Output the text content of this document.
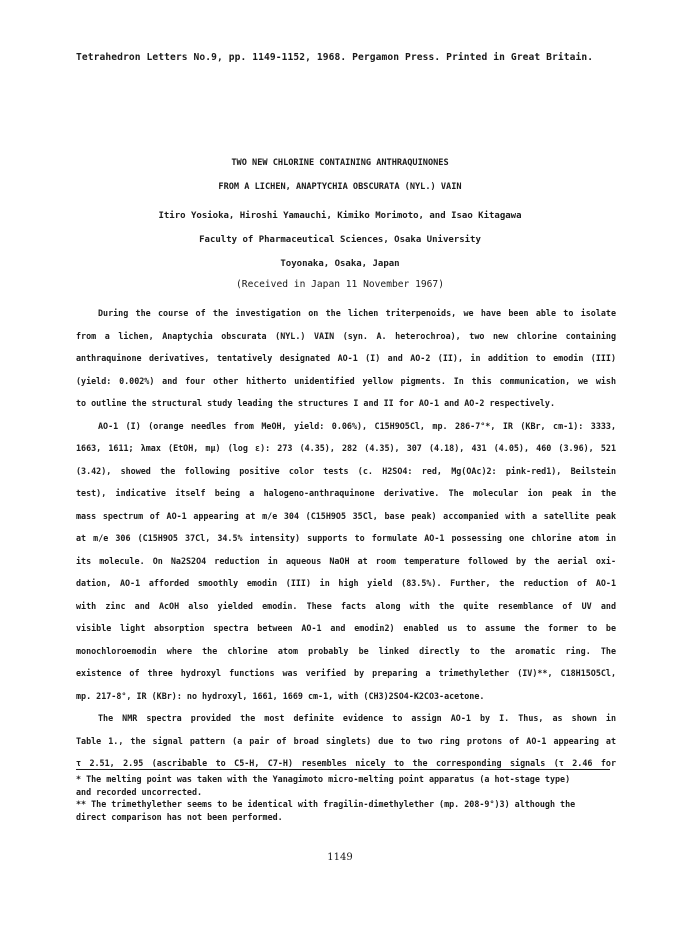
Tetrahedron Letters No.9, pp. 1149-1152, 1968. Pergamon Press. Printed in Great Britain.
TWO NEW CHLORINE CONTAINING ANTHRAQUINONES
FROM A LICHEN, ANAPTYCHIA OBSCURATA (NYL.) VAIN
Itiro Yosioka, Hiroshi Yamauchi, Kimiko Morimoto, and Isao Kitagawa
Faculty of Pharmaceutical Sciences, Osaka University
Toyonaka, Osaka, Japan
(Received in Japan 11 November 1967)
During the course of the investigation on the lichen triterpenoids, we have been able to isolate
from a lichen, Anaptychia obscurata (NYL.) VAIN (syn. A. heterochroa), two new chlorine containing
anthraquinone derivatives, tentatively designated AO-1 (I) and AO-2 (II), in addition to emodin (III)
(yield: 0.002%) and four other hitherto unidentified yellow pigments. In this communication, we wish
to outline the structural study leading the structures I and II for AO-1 and AO-2 respectively.
AO-1 (I) (orange needles from MeOH, yield: 0.06%), C15H9O5Cl, mp. 286-7°*, IR (KBr, cm-1): 3333,
1663, 1611; λmax (EtOH, mμ) (log ε): 273 (4.35), 282 (4.35), 307 (4.18), 431 (4.05), 460 (3.96), 521
(3.42), showed the following positive color tests (c. H2SO4: red, Mg(OAc)2: pink-red1), Beilstein
test), indicative itself being a halogeno-anthraquinone derivative. The molecular ion peak in the
mass spectrum of AO-1 appearing at m/e 304 (C15H9O5 35Cl, base peak) accompanied with a satellite peak
at m/e 306 (C15H9O5 37Cl, 34.5% intensity) supports to formulate AO-1 possessing one chlorine atom in
its molecule. On Na2S2O4 reduction in aqueous NaOH at room temperature followed by the aerial oxi-
dation, AO-1 afforded smoothly emodin (III) in high yield (83.5%). Further, the reduction of AO-1
with zinc and AcOH also yielded emodin. These facts along with the quite resemblance of UV and
visible light absorption spectra between AO-1 and emodin2) enabled us to assume the former to be
monochloroemodin where the chlorine atom probably be linked directly to the aromatic ring. The
existence of three hydroxyl functions was verified by preparing a trimethylether (IV)**, C18H15O5Cl,
mp. 217-8°, IR (KBr): no hydroxyl, 1661, 1669 cm-1, with (CH3)2SO4-K2CO3-acetone.
The NMR spectra provided the most definite evidence to assign AO-1 by I. Thus, as shown in
Table 1., the signal pattern (a pair of broad singlets) due to two ring protons of AO-1 appearing at
τ 2.51, 2.95 (ascribable to C5-H, C7-H) resembles nicely to the corresponding signals (τ 2.46 for
* The melting point was taken with the Yanagimoto micro-melting point apparatus (a hot-stage type)
and recorded uncorrected.
** The trimethylether seems to be identical with fragilin-dimethylether (mp. 208-9°)3) although the
direct comparison has not been performed.
1149
